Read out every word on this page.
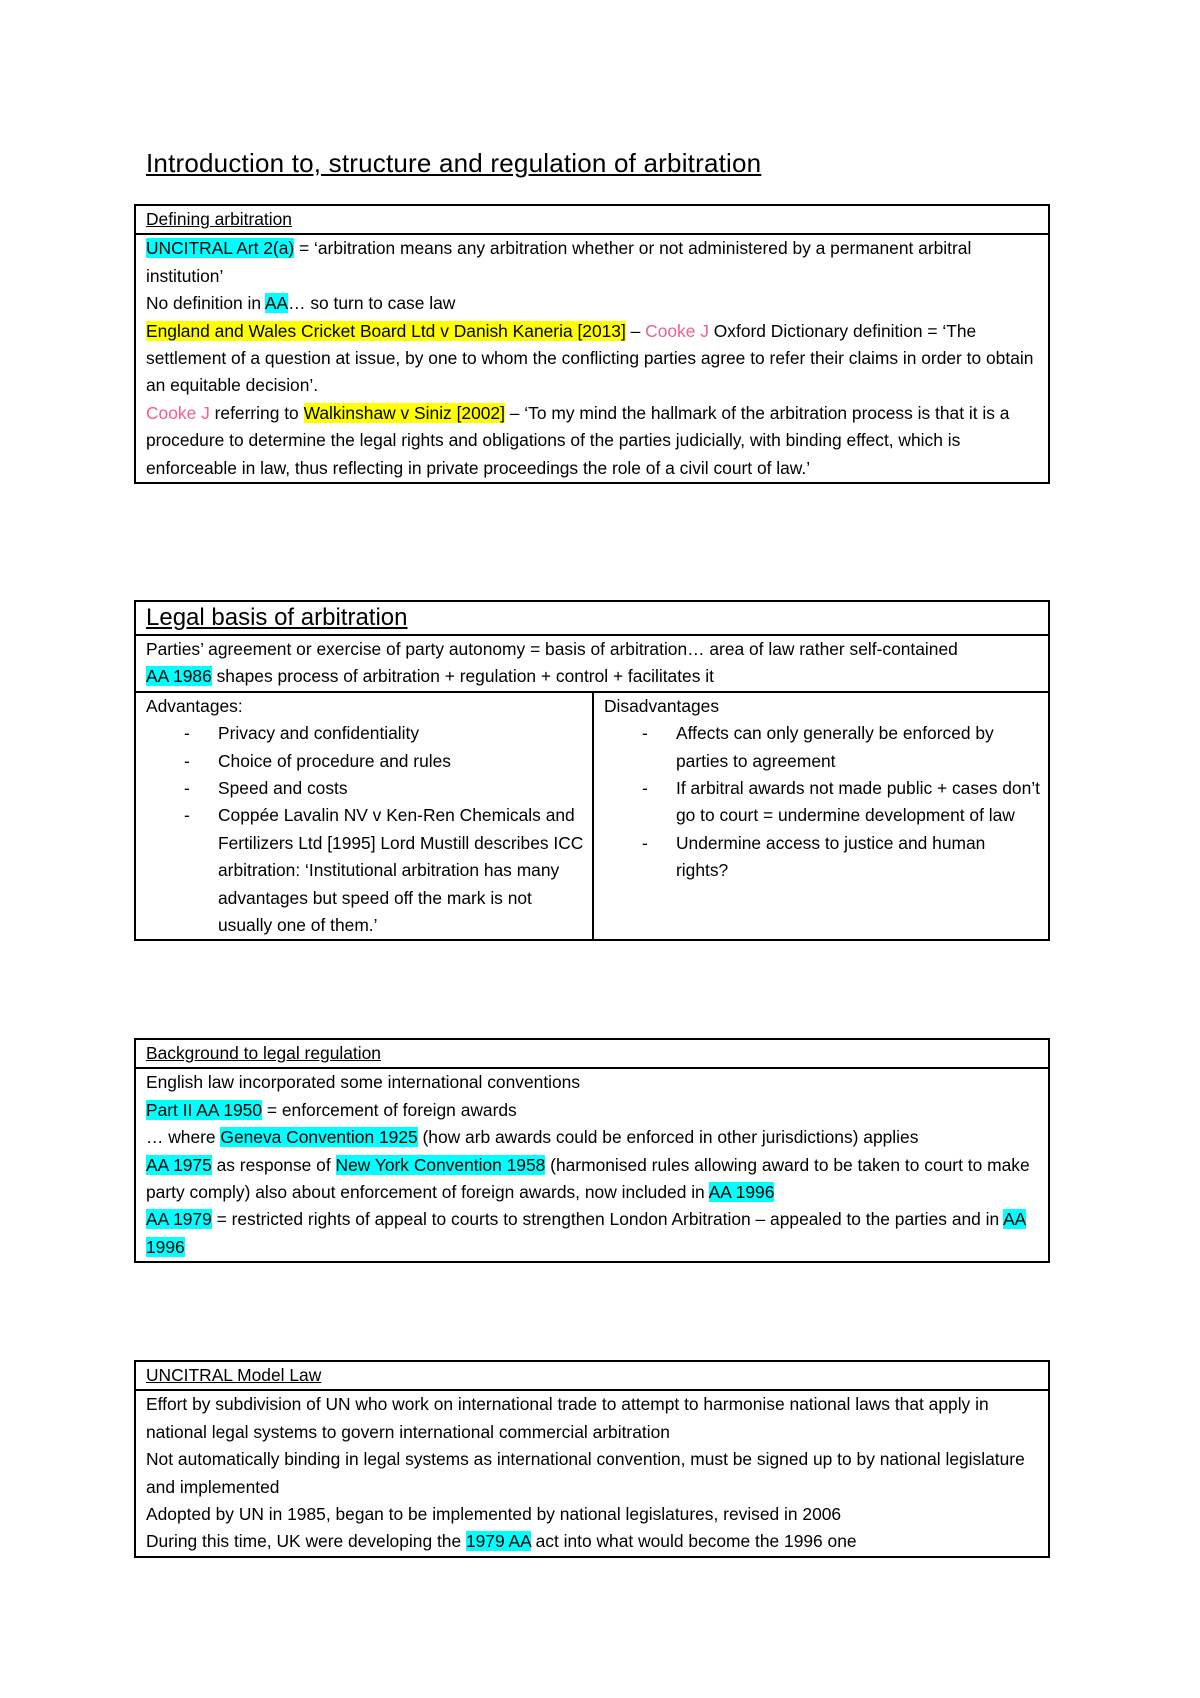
Introduction to, structure and regulation of arbitration
Defining arbitration

UNCITRAL Art 2(a) = ‘arbitration means any arbitration whether or not administered by a permanent arbitral institution’

No definition in AA… so turn to case law

England and Wales Cricket Board Ltd v Danish Kaneria [2013] – Cooke J Oxford Dictionary definition = ‘The settlement of a question at issue, by one to whom the conflicting parties agree to refer their claims in order to obtain an equitable decision’.

Cooke J referring to Walkinshaw v Siniz [2002] – ‘To my mind the hallmark of the arbitration process is that it is a procedure to determine the legal rights and obligations of the parties judicially, with binding effect, which is enforceable in law, thus reflecting in private proceedings the role of a civil court of law.’

Legal basis of arbitration

Parties’ agreement or exercise of party autonomy = basis of arbitration… area of law rather self-contained

AA 1986 shapes process of arbitration + regulation + control + facilitates it

Advantages:
- Privacy and confidentiality
- Choice of procedure and rules
- Speed and costs
- Coppée Lavalin NV v Ken-Ren Chemicals and Fertilizers Ltd [1995] Lord Mustill describes ICC arbitration: ‘Institutional arbitration has many advantages but speed off the mark is not usually one of them.’
Disadvantages
- Affects can only generally be enforced by parties to agreement
- If arbitral awards not made public + cases don’t go to court = undermine development of law
- Undermine access to justice and human rights?
Background to legal regulation

English law incorporated some international conventions

Part II AA 1950 = enforcement of foreign awards

… where Geneva Convention 1925 (how arb awards could be enforced in other jurisdictions) applies

AA 1975 as response of New York Convention 1958 (harmonised rules allowing award to be taken to court to make party comply) also about enforcement of foreign awards, now included in AA 1996

AA 1979 = restricted rights of appeal to courts to strengthen London Arbitration – appealed to the parties and in AA 1996

UNCITRAL Model Law

Effort by subdivision of UN who work on international trade to attempt to harmonise national laws that apply in national legal systems to govern international commercial arbitration

Not automatically binding in legal systems as international convention, must be signed up to by national legislature and implemented

Adopted by UN in 1985, began to be implemented by national legislatures, revised in 2006

During this time, UK were developing the 1979 AA act into what would become the 1996 one
